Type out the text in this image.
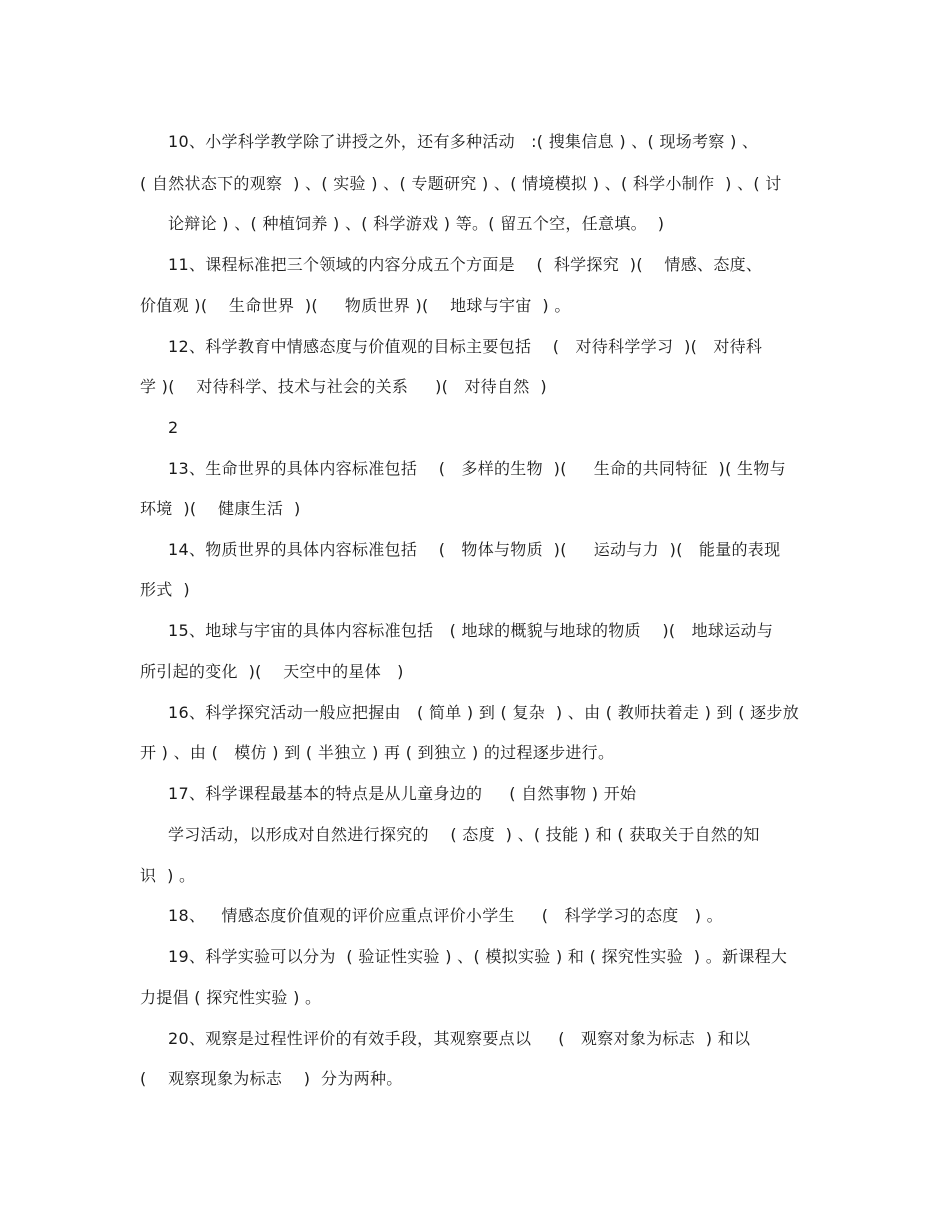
10、小学科学教学除了讲授之外，还有多种活动   :( 搜集信息 ) 、( 现场考察 ) 、
( 自然状态下的观察  ) 、( 实验 ) 、( 专题研究 ) 、( 情境模拟 ) 、( 科学小制作  ) 、( 讨
论辩论 ) 、( 种植饲养 ) 、( 科学游戏 ) 等。( 留五个空，任意填。  )
11、课程标准把三个领域的内容分成五个方面是    (  科学探究  )(    情感、态度、
价值观 )(    生命世界  )(     物质世界 )(    地球与宇宙  ) 。
12、科学教育中情感态度与价值观的目标主要包括    (   对待科学学习  )(   对待科
学 )(    对待科学、技术与社会的关系     )(   对待自然  )
2
13、生命世界的具体内容标准包括    (   多样的生物  )(     生命的共同特征  )( 生物与
环境  )(    健康生活  )
14、物质世界的具体内容标准包括    (   物体与物质  )(     运动与力  )(   能量的表现
形式  )
15、地球与宇宙的具体内容标准包括   ( 地球的概貌与地球的物质    )(   地球运动与
所引起的变化  )(    天空中的星体   )
16、科学探究活动一般应把握由   ( 简单 ) 到 ( 复杂  ) 、由 ( 教师扶着走 ) 到 ( 逐步放
开 ) 、由 (   模仿 ) 到 ( 半独立 ) 再 ( 到独立 ) 的过程逐步进行。
17、科学课程最基本的特点是从儿童身边的     ( 自然事物 ) 开始
学习活动，以形成对自然进行探究的    ( 态度  ) 、( 技能 ) 和 ( 获取关于自然的知
识  ) 。
18、   情感态度价值观的评价应重点评价小学生     (   科学学习的态度   ) 。
19、科学实验可以分为  ( 验证性实验 ) 、( 模拟实验 ) 和 ( 探究性实验  ) 。新课程大
力提倡 ( 探究性实验 ) 。
20、观察是过程性评价的有效手段，其观察要点以     (   观察对象为标志  ) 和以
(    观察现象为标志    )  分为两种。
